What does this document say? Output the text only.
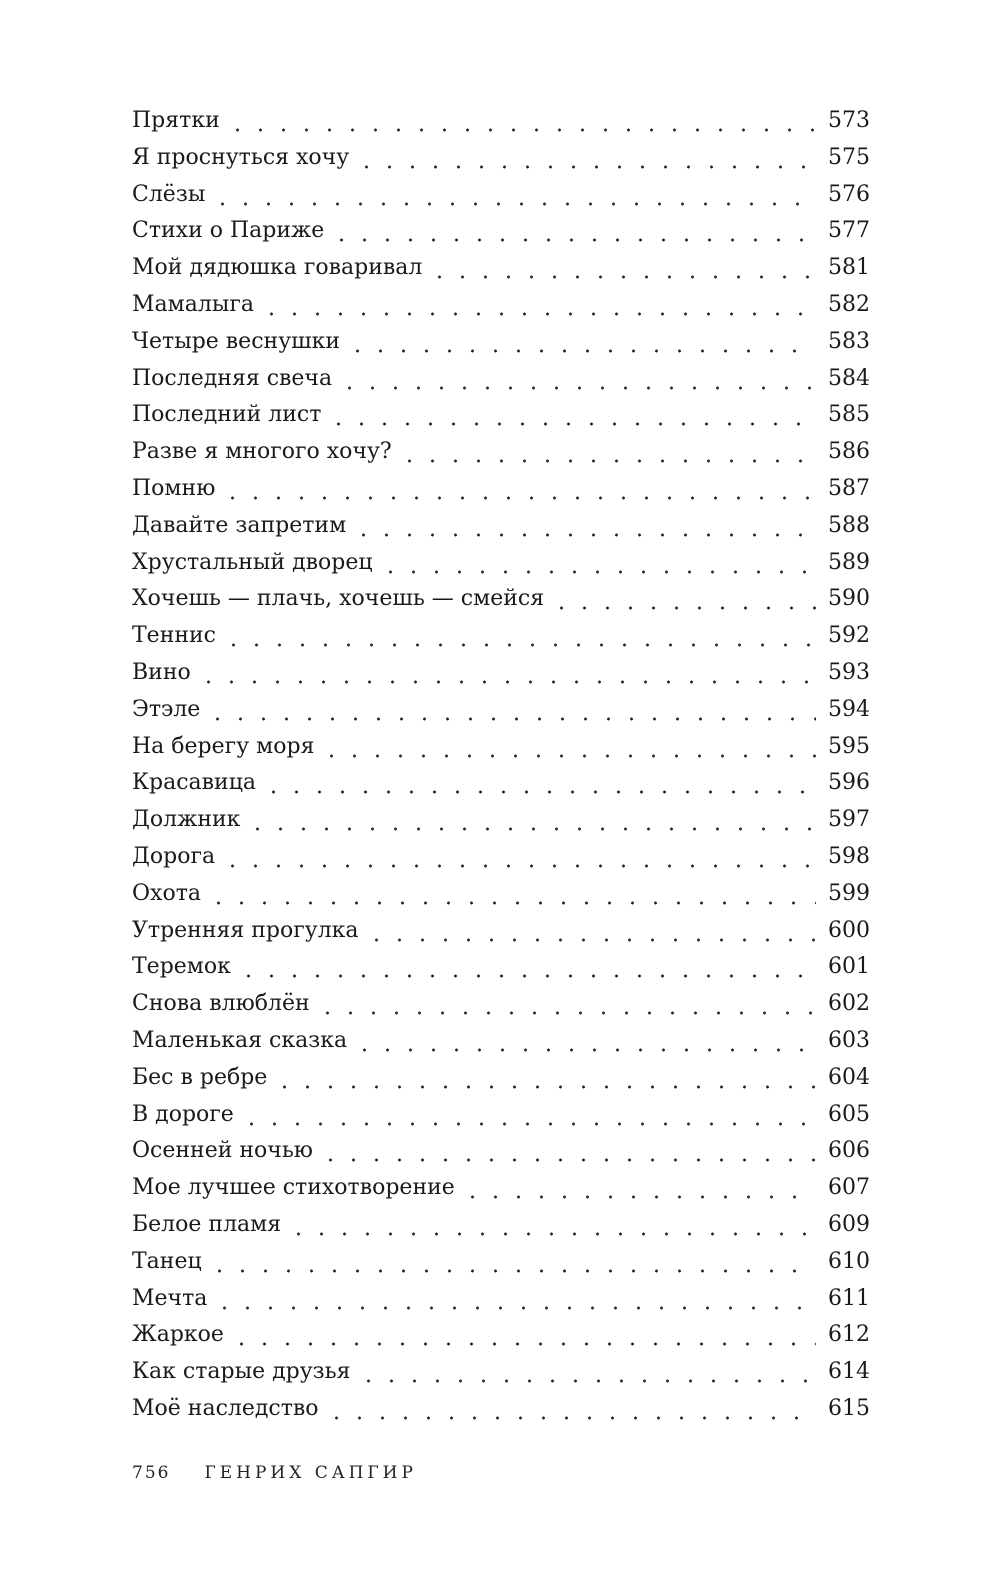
Прятки	573
Я проснуться хочу	575
Слёзы	576
Стихи о Париже	577
Мой дядюшка говаривал	581
Мамалыга	582
Четыре веснушки	583
Последняя свеча	584
Последний лист	585
Разве я многого хочу?	586
Помню	587
Давайте запретим	588
Хрустальный дворец	589
Хочешь — плачь, хочешь — смейся	590
Теннис	592
Вино	593
Этэле	594
На берегу моря	595
Красавица	596
Должник	597
Дорога	598
Охота	599
Утренняя прогулка	600
Теремок	601
Снова влюблён	602
Маленькая сказка	603
Бес в ребре	604
В дороге	605
Осенней ночью	606
Мое лучшее стихотворение	607
Белое пламя	609
Танец	610
Мечта	611
Жаркое	612
Как старые друзья	614
Моё наследство	615
756 ГЕНРИХ САПГИР
